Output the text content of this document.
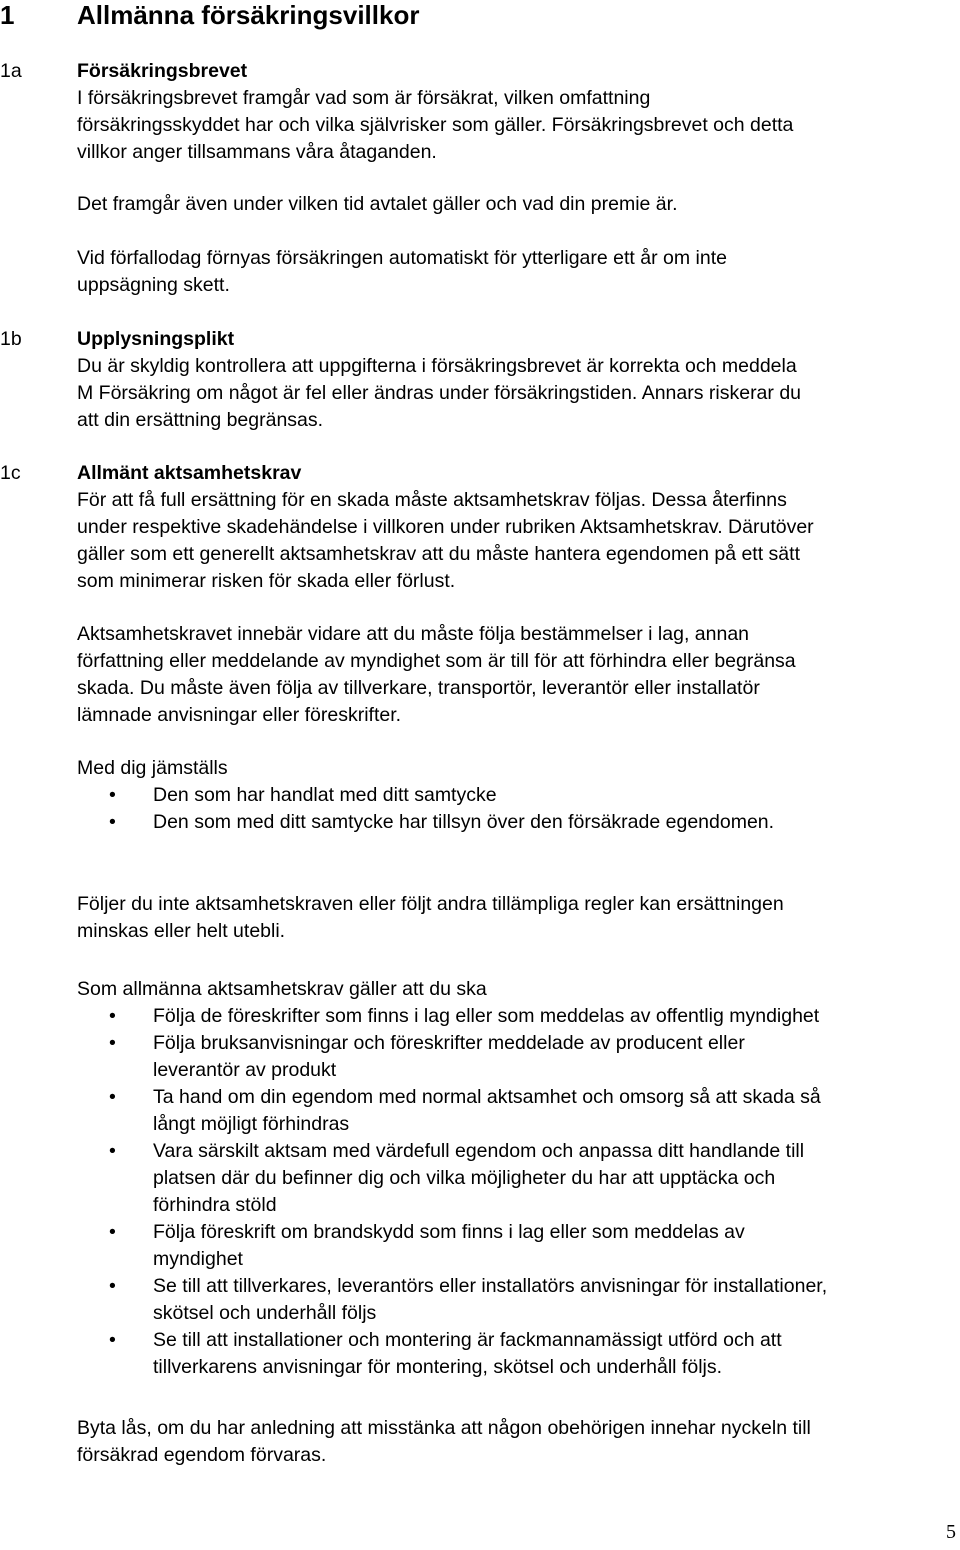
1 Allmänna försäkringsvillkor
1a	Försäkringsbrevet

I försäkringsbrevet framgår vad som är försäkrat, vilken omfattning

försäkringsskyddet har och vilka självrisker som gäller. Försäkringsbrevet och detta

villkor anger tillsammans våra åtaganden.

Det framgår även under vilken tid avtalet gäller och vad din premie är.

Vid förfallodag förnyas försäkringen automatiskt för ytterligare ett år om inte

uppsägning skett.

1b	Upplysningsplikt

Du är skyldig kontrollera att uppgifterna i försäkringsbrevet är korrekta och meddela

M Försäkring om något är fel eller ändras under försäkringstiden. Annars riskerar du

att din ersättning begränsas.

1c	Allmänt aktsamhetskrav

För att få full ersättning för en skada måste aktsamhetskrav följas. Dessa återfinns

under respektive skadehändelse i villkoren under rubriken Aktsamhetskrav. Därutöver

gäller som ett generellt aktsamhetskrav att du måste hantera egendomen på ett sätt

som minimerar risken för skada eller förlust.

Aktsamhetskravet innebär vidare att du måste följa bestämmelser i lag, annan

författning eller meddelande av myndighet som är till för att förhindra eller begränsa

skada. Du måste även följa av tillverkare, transportör, leverantör eller installatör

lämnade anvisningar eller föreskrifter.

Med dig jämställs

• Den som har handlat med ditt samtycke
• Den som med ditt samtycke har tillsyn över den försäkrade egendomen.

Följer du inte aktsamhetskraven eller följt andra tillämpliga regler kan ersättningen

minskas eller helt utebli.

Som allmänna aktsamhetskrav gäller att du ska

• Följa de föreskrifter som finns i lag eller som meddelas av offentlig myndighet
• Följa bruksanvisningar och föreskrifter meddelade av producent eller
leverantör av produkt
• Ta hand om din egendom med normal aktsamhet och omsorg så att skada så
långt möjligt förhindras
• Vara särskilt aktsam med värdefull egendom och anpassa ditt handlande till
platsen där du befinner dig och vilka möjligheter du har att upptäcka och
förhindra stöld
• Följa föreskrift om brandskydd som finns i lag eller som meddelas av
myndighet
• Se till att tillverkares, leverantörs eller installatörs anvisningar för installationer,
skötsel och underhåll följs
• Se till att installationer och montering är fackmannamässigt utförd och att
tillverkarens anvisningar för montering, skötsel och underhåll följs.

Byta lås, om du har anledning att misstänka att någon obehörigen innehar nyckeln till

försäkrad egendom förvaras.

5
